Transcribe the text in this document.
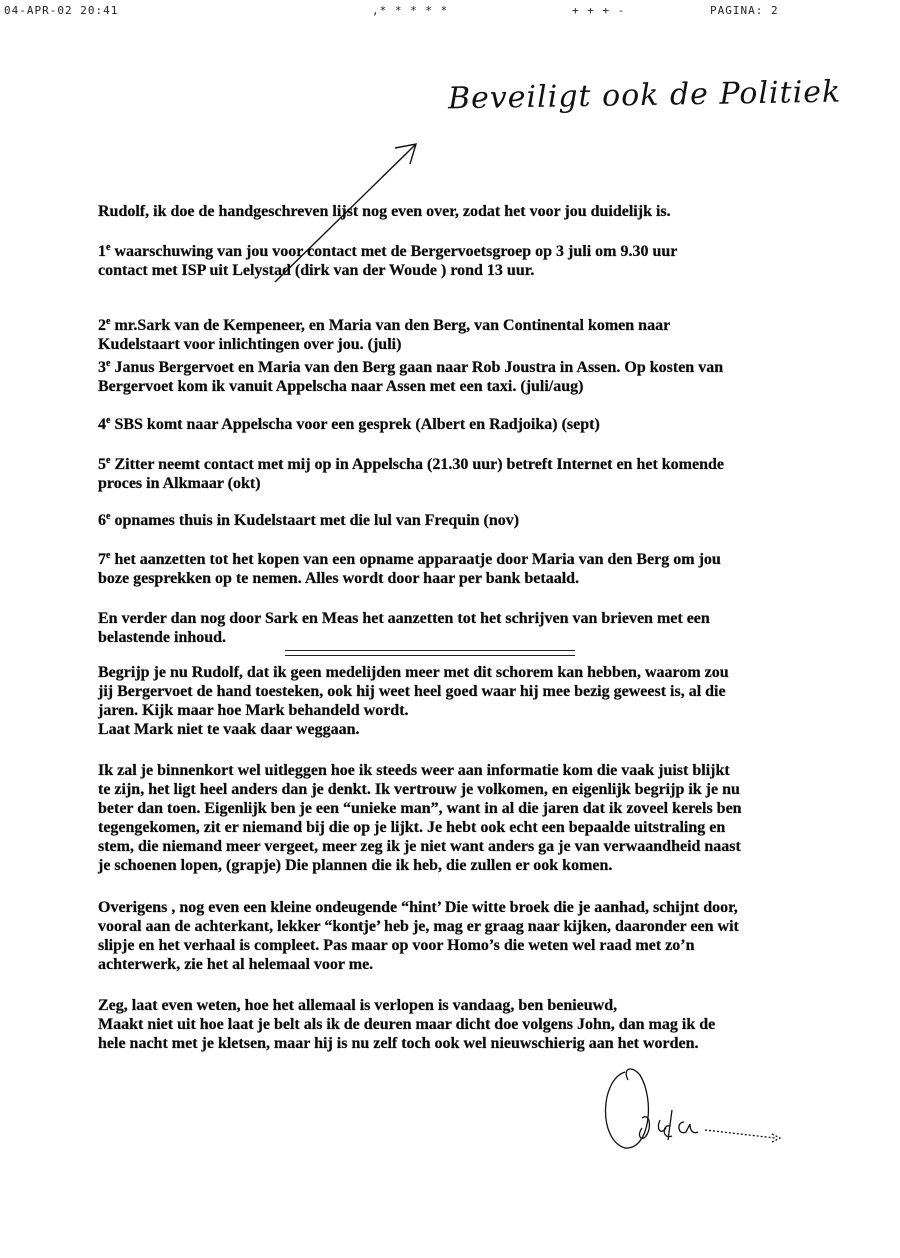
04-APR-02 20:41	,* * * * *	+ + + -	PAGINA: 2
Beveiligt ook de Politiek
Rudolf, ik doe de handgeschreven lijst nog even over, zodat het voor jou duidelijk is.
1e waarschuwing van jou voor contact met de Bergervoetsgroep op 3 juli om 9.30 uur
contact met ISP uit Lelystad (dirk van der Woude ) rond 13 uur.
2e mr.Sark van de Kempeneer, en Maria van den Berg, van Continental komen naar
Kudelstaart voor inlichtingen over jou. (juli)
3e Janus Bergervoet en Maria van den Berg gaan naar Rob Joustra in Assen. Op kosten van
Bergervoet kom ik vanuit Appelscha naar Assen met een taxi. (juli/aug)
4e SBS komt naar Appelscha voor een gesprek (Albert en Radjoika) (sept)
5e Zitter neemt contact met mij op in Appelscha (21.30 uur) betreft Internet en het komende
proces in Alkmaar (okt)
6e opnames thuis in Kudelstaart met die lul van Frequin (nov)
7e het aanzetten tot het kopen van een opname apparaatje door Maria van den Berg om jou
boze gesprekken op te nemen. Alles wordt door haar per bank betaald.
En verder dan nog door Sark en Meas het aanzetten tot het schrijven van brieven met een
belastende inhoud.
Begrijp je nu Rudolf, dat ik geen medelijden meer met dit schorem kan hebben, waarom zou
jij Bergervoet de hand toesteken, ook hij weet heel goed waar hij mee bezig geweest is, al die
jaren. Kijk maar hoe Mark behandeld wordt.
Laat Mark niet te vaak daar weggaan.
Ik zal je binnenkort wel uitleggen hoe ik steeds weer aan informatie kom die vaak juist blijkt
te zijn, het ligt heel anders dan je denkt. Ik vertrouw je volkomen, en eigenlijk begrijp ik je nu
beter dan toen. Eigenlijk ben je een “unieke man”, want in al die jaren dat ik zoveel kerels ben
tegengekomen, zit er niemand bij die op je lijkt. Je hebt ook echt een bepaalde uitstraling en
stem, die niemand meer vergeet, meer zeg ik je niet want anders ga je van verwaandheid naast
je schoenen lopen, (grapje) Die plannen die ik heb, die zullen er ook komen.
Overigens , nog even een kleine ondeugende “hint’ Die witte broek die je aanhad, schijnt door,
vooral aan de achterkant, lekker “kontje’ heb je, mag er graag naar kijken, daaronder een wit
slipje en het verhaal is compleet. Pas maar op voor Homo’s die weten wel raad met zo’n
achterwerk, zie het al helemaal voor me.
Zeg, laat even weten, hoe het allemaal is verlopen is vandaag, ben benieuwd,
Maakt niet uit hoe laat je belt als ik de deuren maar dicht doe volgens John, dan mag ik de
hele nacht met je kletsen, maar hij is nu zelf toch ook wel nieuwschierig aan het worden.
